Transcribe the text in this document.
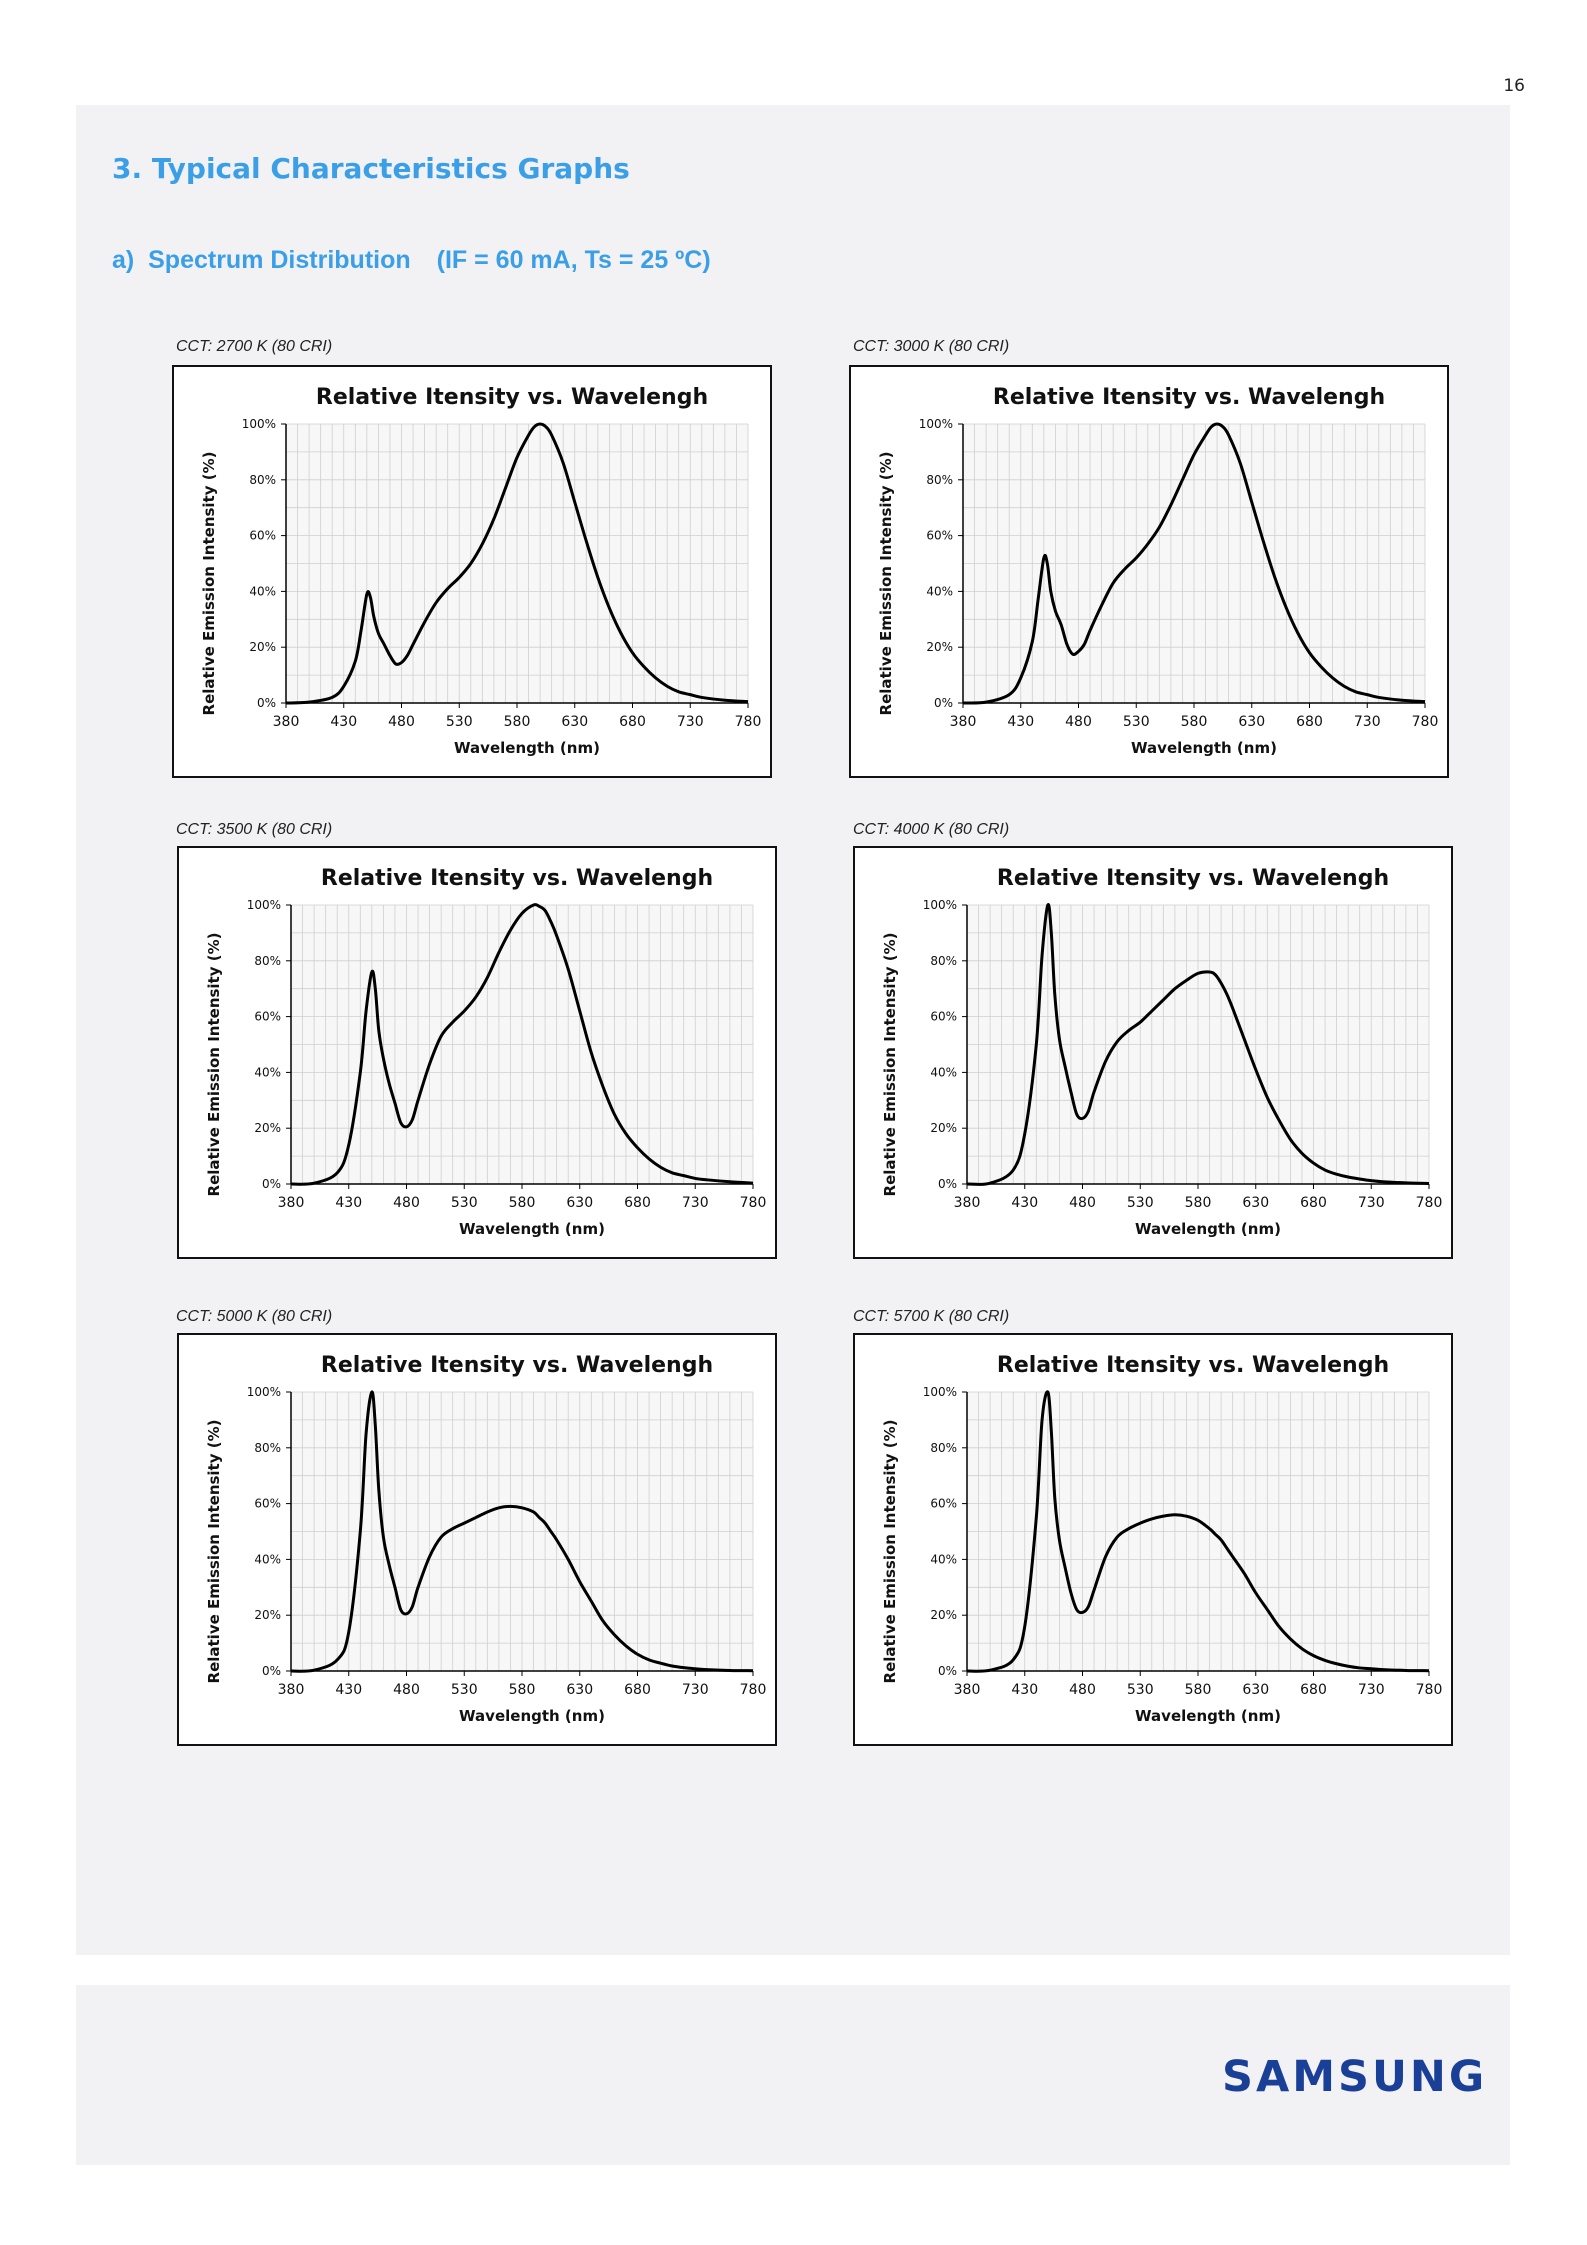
16
3. Typical Characteristics Graphs
a)  Spectrum Distribution (IF = 60 mA, Ts = 25 ºC)
CCT: 2700 K (80 CRI)
380 430 480 530 580 630 680 730 780
0%
20%
40%
60%
80%
100%
Relative Itensity vs. Wavelengh
Wavelength (nm)
Relative Emission Intensity (%)
CCT: 3000 K (80 CRI)
380 430 480 530 580 630 680 730 780
0%
20%
40%
60%
80%
100%
Relative Itensity vs. Wavelengh
Wavelength (nm)
Relative Emission Intensity (%)
CCT: 3500 K (80 CRI)
380 430 480 530 580 630 680 730 780
0%
20%
40%
60%
80%
100%
Relative Itensity vs. Wavelengh
Wavelength (nm)
Relative Emission Intensity (%)
CCT: 4000 K (80 CRI)
380 430 480 530 580 630 680 730 780
0%
20%
40%
60%
80%
100%
Relative Itensity vs. Wavelengh
Wavelength (nm)
Relative Emission Intensity (%)
CCT: 5000 K (80 CRI)
380 430 480 530 580 630 680 730 780
0%
20%
40%
60%
80%
100%
Relative Itensity vs. Wavelengh
Wavelength (nm)
Relative Emission Intensity (%)
CCT: 5700 K (80 CRI)
380 430 480 530 580 630 680 730 780
0%
20%
40%
60%
80%
100%
Relative Itensity vs. Wavelengh
Wavelength (nm)
Relative Emission Intensity (%)
SAMSUNG
